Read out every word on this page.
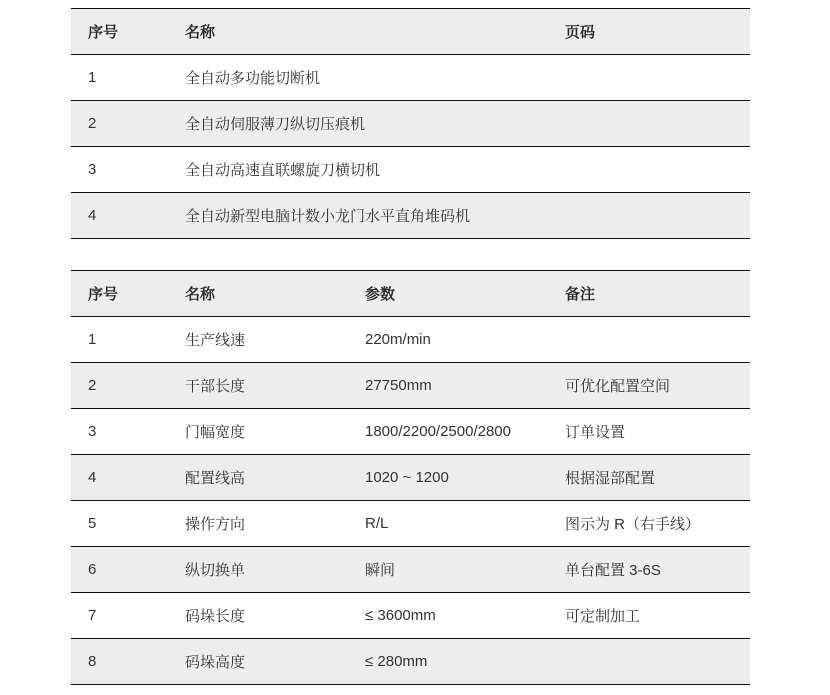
序号	名称	页码
1	全自动多功能切断机	
2	全自动伺服薄刀纵切压痕机	
3	全自动高速直联螺旋刀横切机	
4	全自动新型电脑计数小龙门水平直角堆码机	
序号	名称	参数	备注
1	生产线速	220m/min	
2	干部长度	27750mm	可优化配置空间
3	门幅宽度	1800/2200/2500/2800	订单设置
4	配置线高	1020 ~ 1200	根据湿部配置
5	操作方向	R/L	图示为 R（右手线）
6	纵切换单	瞬间	单台配置 3-6S
7	码垛长度	≤ 3600mm	可定制加工
8	码垛高度	≤ 280mm	
